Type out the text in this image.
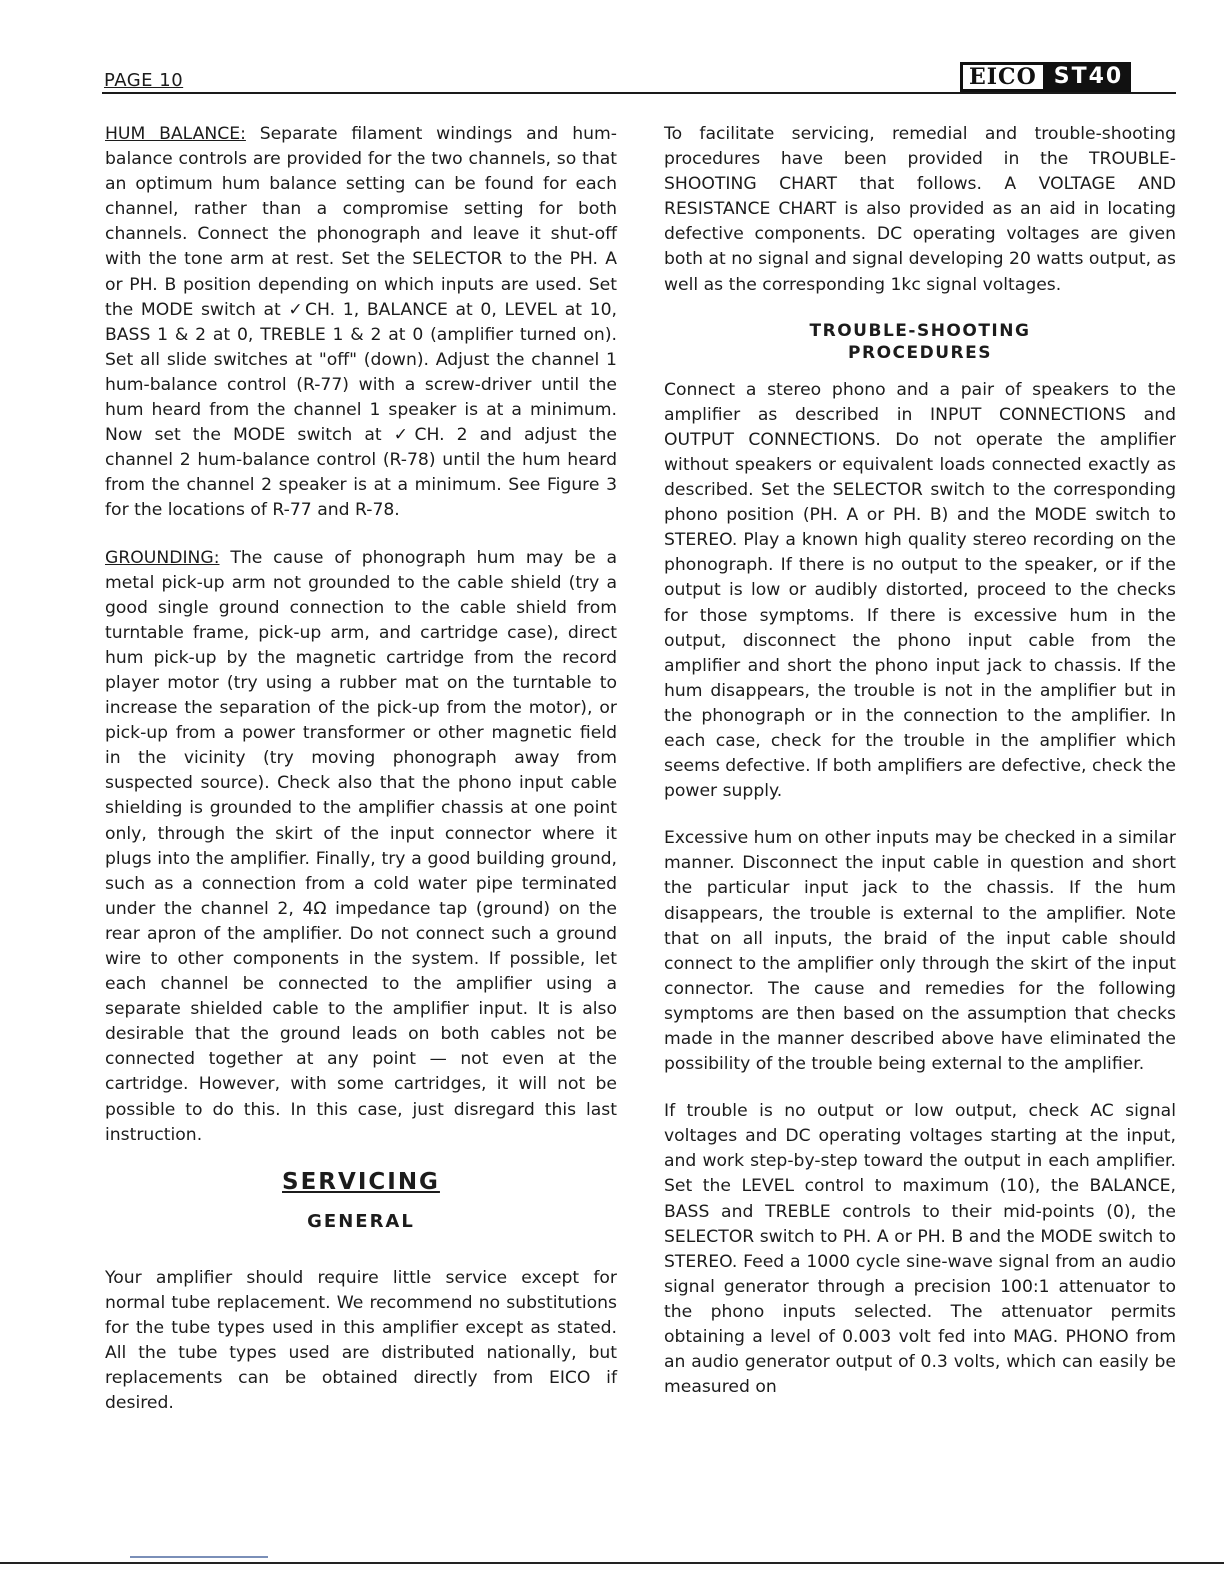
PAGE 10	EICO ST40

HUM BALANCE: Separate filament windings and hum-balance controls are provided for the two channels, so that an optimum hum balance setting can be found for each channel, rather than a compromise setting for both channels. Connect the phonograph and leave it shut-off with the tone arm at rest. Set the SELECTOR to the PH. A or PH. B position depending on which inputs are used. Set the MODE switch at ✓CH. 1, BALANCE at 0, LEVEL at 10, BASS 1 & 2 at 0, TREBLE 1 & 2 at 0 (amplifier turned on). Set all slide switches at "off" (down). Adjust the channel 1 hum-balance control (R-77) with a screw-driver until the hum heard from the channel 1 speaker is at a minimum. Now set the MODE switch at ✓CH. 2 and adjust the channel 2 hum-balance control (R-78) until the hum heard from the channel 2 speaker is at a minimum. See Figure 3 for the locations of R-77 and R-78.

GROUNDING: The cause of phonograph hum may be a metal pick-up arm not grounded to the cable shield (try a good single ground connection to the cable shield from turntable frame, pick-up arm, and cartridge case), direct hum pick-up by the magnetic cartridge from the record player motor (try using a rubber mat on the turntable to increase the separation of the pick-up from the motor), or pick-up from a power transformer or other magnetic field in the vicinity (try moving phonograph away from suspected source). Check also that the phono input cable shielding is grounded to the amplifier chassis at one point only, through the skirt of the input connector where it plugs into the amplifier. Finally, try a good building ground, such as a connection from a cold water pipe terminated under the channel 2, 4Ω impedance tap (ground) on the rear apron of the amplifier. Do not connect such a ground wire to other components in the system. If possible, let each channel be connected to the amplifier using a separate shielded cable to the amplifier input. It is also desirable that the ground leads on both cables not be connected together at any point — not even at the cartridge. However, with some cartridges, it will not be possible to do this. In this case, just disregard this last instruction.

SERVICING
GENERAL

Your amplifier should require little service except for normal tube replacement. We recommend no substitutions for the tube types used in this amplifier except as stated. All the tube types used are distributed nationally, but replacements can be obtained directly from EICO if desired.

To facilitate servicing, remedial and trouble-shooting procedures have been provided in the TROUBLE-SHOOTING CHART that follows. A VOLTAGE AND RESISTANCE CHART is also provided as an aid in locating defective components. DC operating voltages are given both at no signal and signal developing 20 watts output, as well as the corresponding 1kc signal voltages.

TROUBLE-SHOOTING
PROCEDURES

Connect a stereo phono and a pair of speakers to the amplifier as described in INPUT CONNECTIONS and OUTPUT CONNECTIONS. Do not operate the amplifier without speakers or equivalent loads connected exactly as described. Set the SELECTOR switch to the corresponding phono position (PH. A or PH. B) and the MODE switch to STEREO. Play a known high quality stereo recording on the phonograph. If there is no output to the speaker, or if the output is low or audibly distorted, proceed to the checks for those symptoms. If there is excessive hum in the output, disconnect the phono input cable from the amplifier and short the phono input jack to chassis. If the hum disappears, the trouble is not in the amplifier but in the phonograph or in the connection to the amplifier. In each case, check for the trouble in the amplifier which seems defective. If both amplifiers are defective, check the power supply.

Excessive hum on other inputs may be checked in a similar manner. Disconnect the input cable in question and short the particular input jack to the chassis. If the hum disappears, the trouble is external to the amplifier. Note that on all inputs, the braid of the input cable should connect to the amplifier only through the skirt of the input connector. The cause and remedies for the following symptoms are then based on the assumption that checks made in the manner described above have eliminated the possibility of the trouble being external to the amplifier.

If trouble is no output or low output, check AC signal voltages and DC operating voltages starting at the input, and work step-by-step toward the output in each amplifier. Set the LEVEL control to maximum (10), the BALANCE, BASS and TREBLE controls to their mid-points (0), the SELECTOR switch to PH. A or PH. B and the MODE switch to STEREO. Feed a 1000 cycle sine-wave signal from an audio signal generator through a precision 100:1 attenuator to the phono inputs selected. The attenuator permits obtaining a level of 0.003 volt fed into MAG. PHONO from an audio generator output of 0.3 volts, which can easily be measured on
